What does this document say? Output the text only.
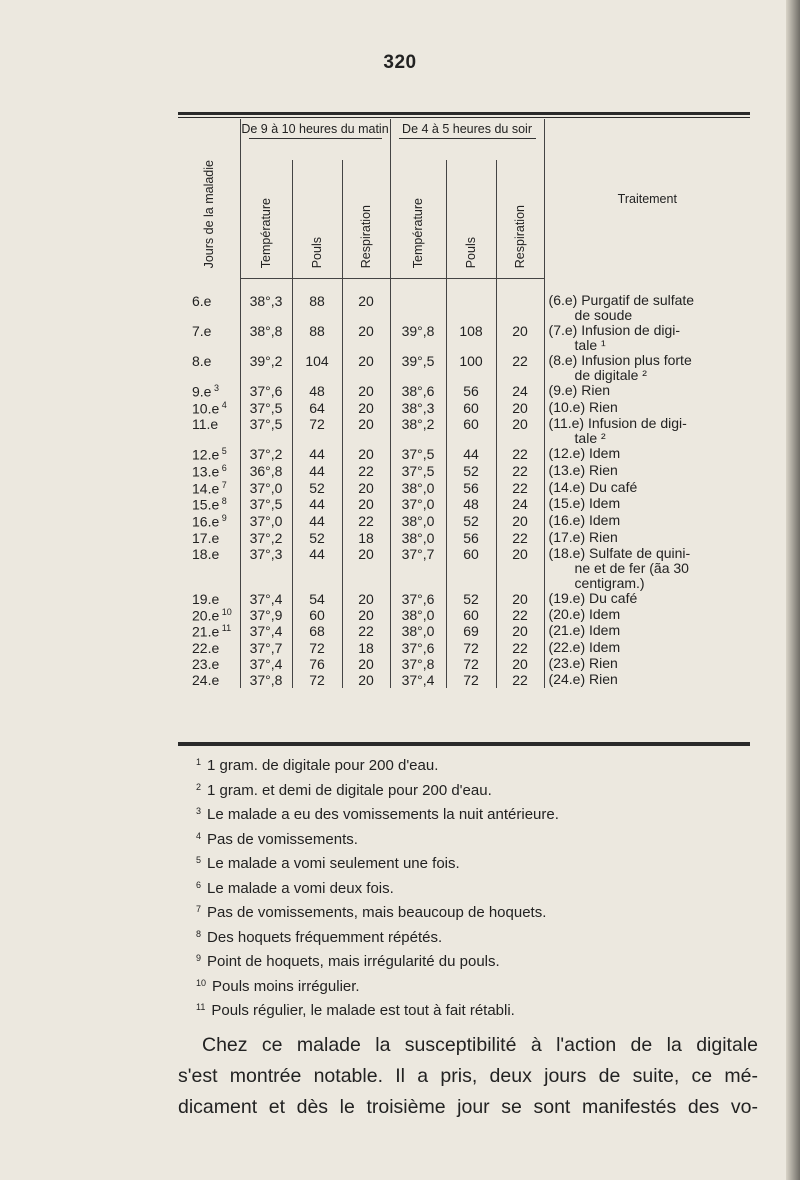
320
Jours de la maladie	De 9 à 10 heures du matin			De 4 à 5 heures du soir			Traitement

	Température	Pouls	Respiration	Température	Pouls	Respiration	

6.e	38°,3	88	20				(6.e) Purgatif de sulfate
de soude

7.e	38°,8	88	20	39°,8	108	20	(7.e) Infusion de digi-
tale ¹

8.e	39°,2	104	20	39°,5	100	22	(8.e) Infusion plus forte
de digitale ²

9.e $^3$	37°,6	48	20	38°,6	56	24	(9.e) Rien

10.e $^4$	37°,5	64	20	38°,3	60	20	(10.e) Rien

11.e	37°,5	72	20	38°,2	60	20	(11.e) Infusion de digi-
tale ²

12.e $^5$	37°,2	44	20	37°,5	44	22	(12.e) Idem

13.e $^6$	36°,8	44	22	37°,5	52	22	(13.e) Rien

14.e $^7$	37°,0	52	20	38°,0	56	22	(14.e) Du café

15.e $^8$	37°,5	44	20	37°,0	48	24	(15.e) Idem

16.e $^9$	37°,0	44	22	38°,0	52	20	(16.e) Idem

17.e	37°,2	52	18	38°,0	56	22	(17.e) Rien

18.e	37°,3	44	20	37°,7	60	20	(18.e) Sulfate de quini-
ne et de fer (ãa 30
centigram.)

19.e	37°,4	54	20	37°,6	52	20	(19.e) Du café

20.e $^{10}$	37°,9	60	20	38°,0	60	22	(20.e) Idem

21.e $^{11}$	37°,4	68	22	38°,0	69	20	(21.e) Idem

22.e	37°,7	72	18	37°,6	72	22	(22.e) Idem

23.e	37°,4	76	20	37°,8	72	20	(23.e) Rien

24.e	37°,8	72	20	37°,4	72	22	(24.e) Rien
$^1$ 1 gram. de digitale pour 200 d'eau.
$^2$ 1 gram. et demi de digitale pour 200 d'eau.
$^3$ Le malade a eu des vomissements la nuit antérieure.
$^4$ Pas de vomissements.
$^5$ Le malade a vomi seulement une fois.
$^6$ Le malade a vomi deux fois.
$^7$ Pas de vomissements, mais beaucoup de hoquets.
$^8$ Des hoquets fréquemment répétés.
$^9$ Point de hoquets, mais irrégularité du pouls.
$^{10}$ Pouls moins irrégulier.
$^{11}$ Pouls régulier, le malade est tout à fait rétabli.
Chez ce malade la susceptibilité à l'action de la digitale
s'est montrée notable. Il a pris, deux jours de suite, ce mé-
dicament et dès le troisième jour se sont manifestés des vo-
